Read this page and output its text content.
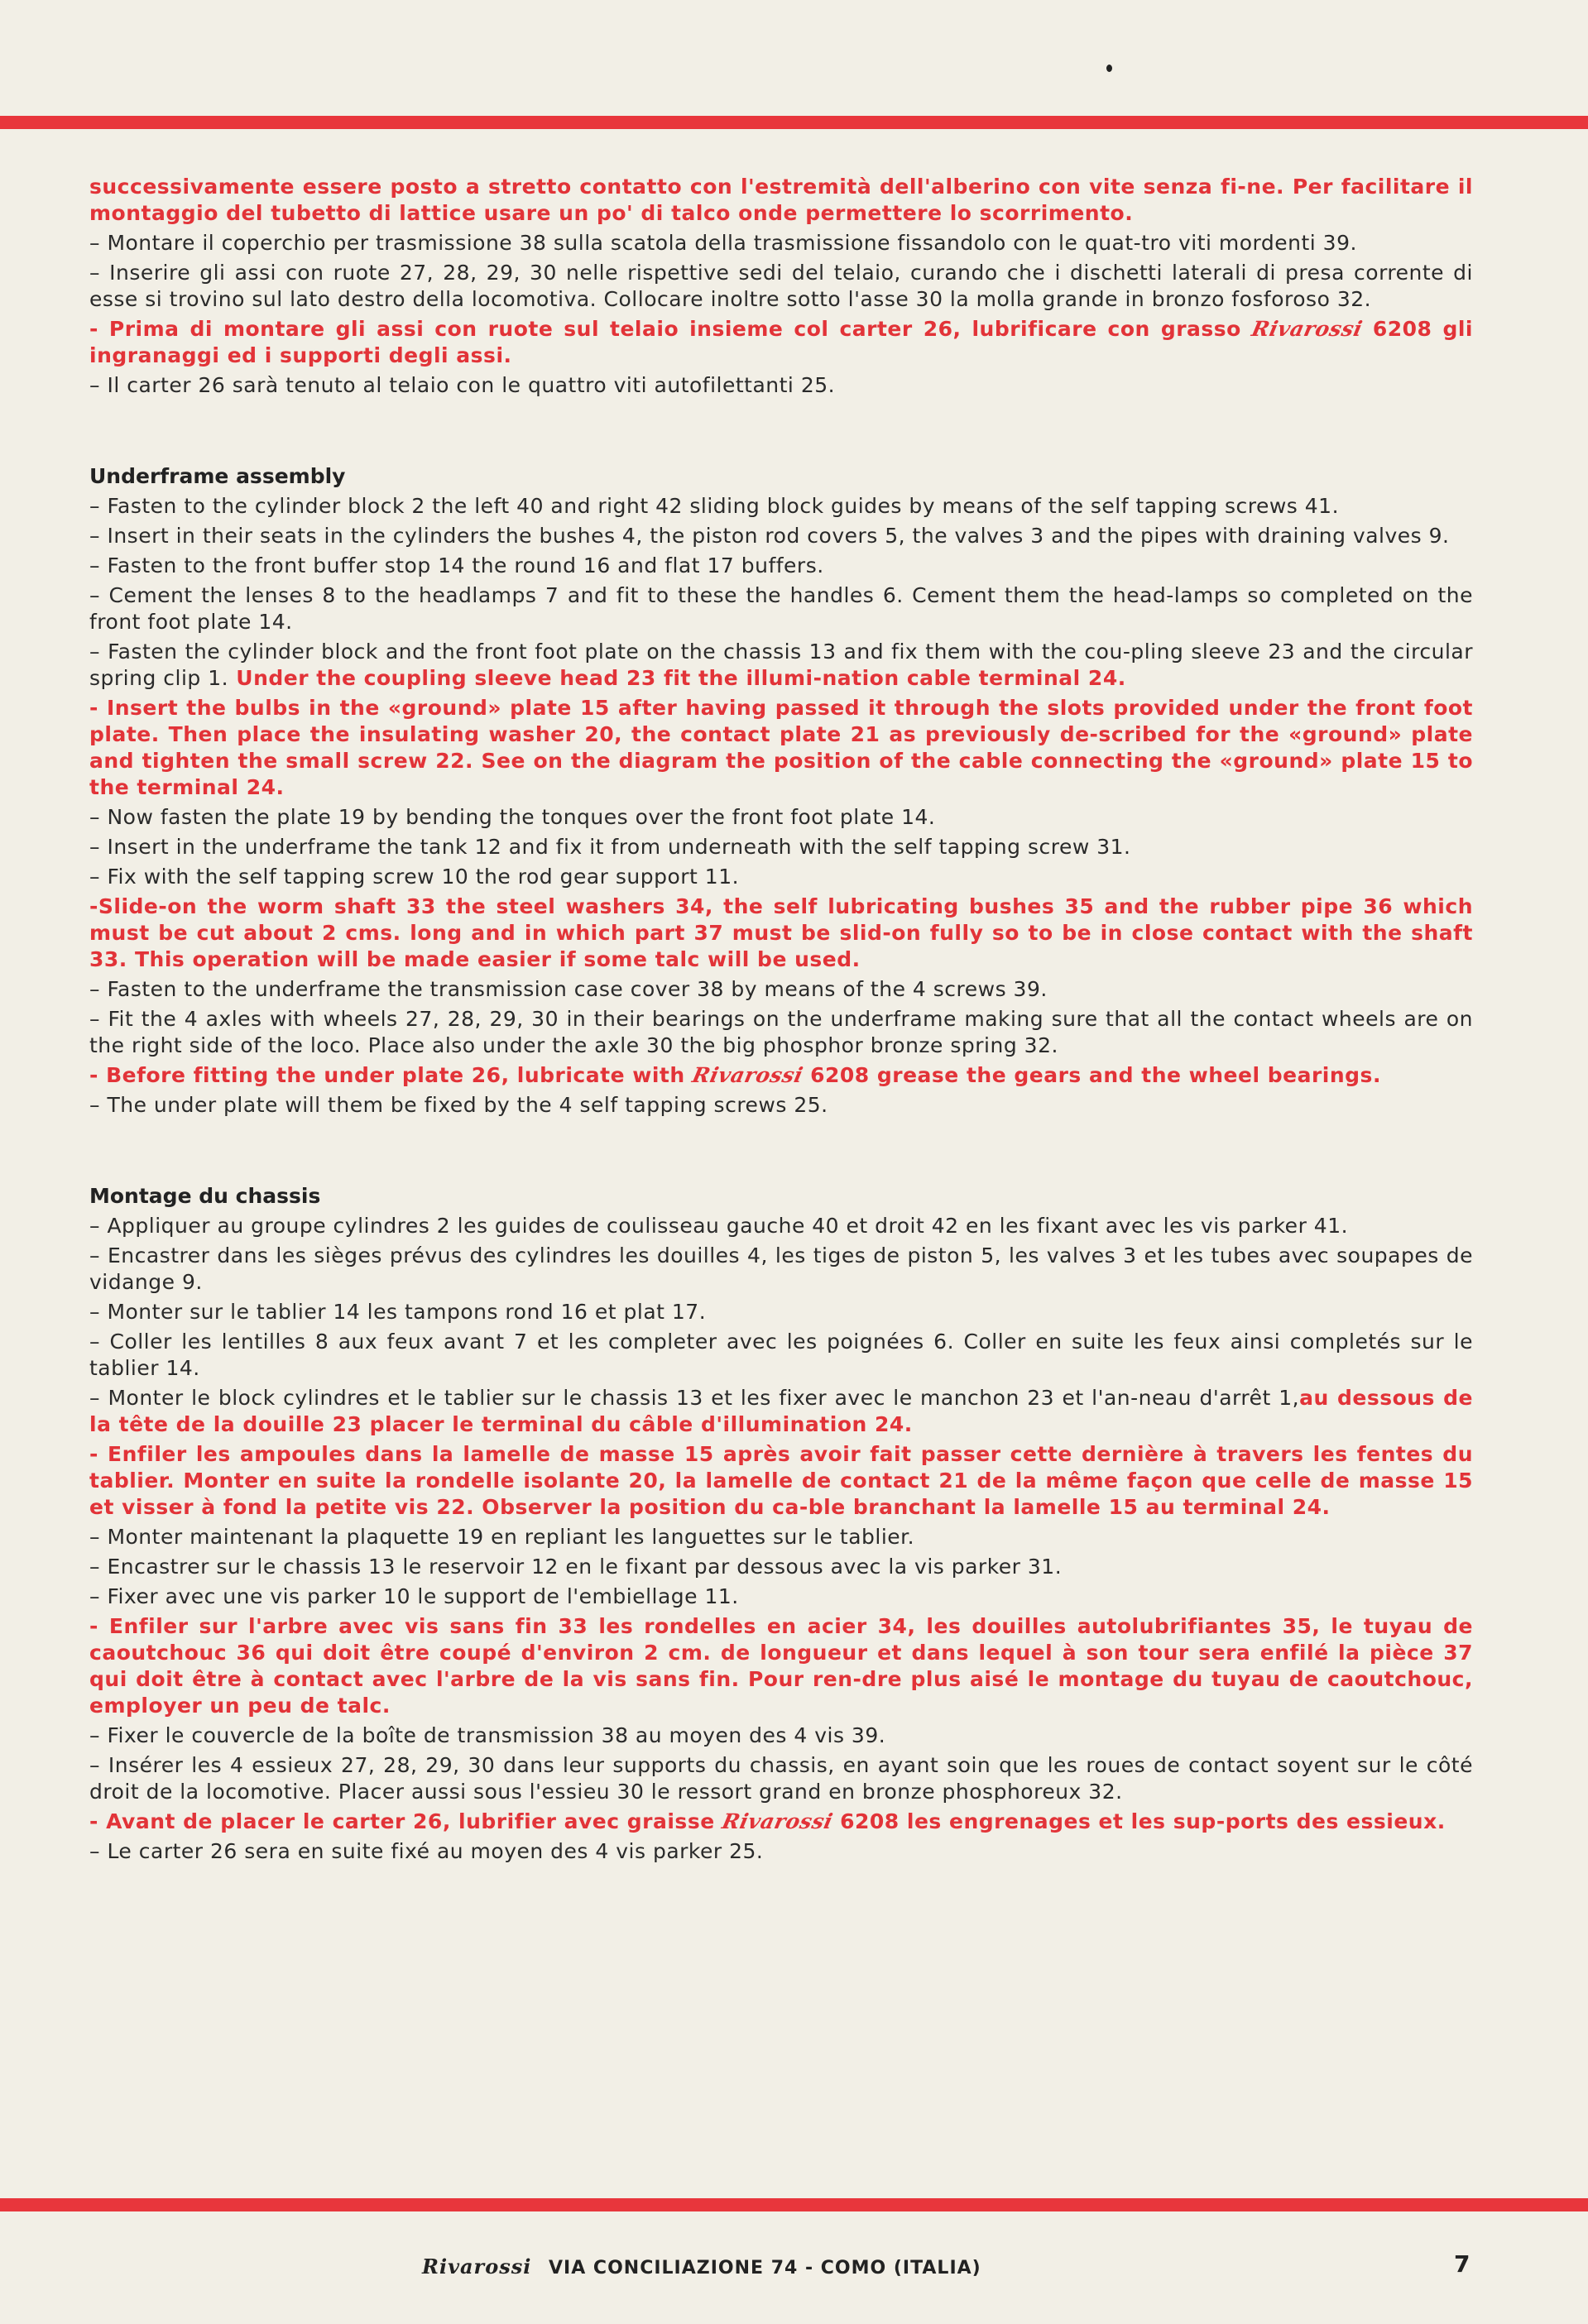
successivamente essere posto a stretto contatto con l'estremità dell'alberino con vite senza fi-ne. Per facilitare il montaggio del tubetto di lattice usare un po' di talco onde permettere lo scorrimento.

– Montare il coperchio per trasmissione 38 sulla scatola della trasmissione fissandolo con le quat-tro viti mordenti 39.

– Inserire gli assi con ruote 27, 28, 29, 30 nelle rispettive sedi del telaio, curando che i dischetti laterali di presa corrente di esse si trovino sul lato destro della locomotiva. Collocare inoltre sotto l'asse 30 la molla grande in bronzo fosforoso 32.

- Prima di montare gli assi con ruote sul telaio insieme col carter 26, lubrificare con grasso Rivarossi 6208 gli ingranaggi ed i supporti degli assi.

– Il carter 26 sarà tenuto al telaio con le quattro viti autofilettanti 25.

Underframe assembly

– Fasten to the cylinder block 2 the left 40 and right 42 sliding block guides by means of the self tapping screws 41.

– Insert in their seats in the cylinders the bushes 4, the piston rod covers 5, the valves 3 and the pipes with draining valves 9.

– Fasten to the front buffer stop 14 the round 16 and flat 17 buffers.

– Cement the lenses 8 to the headlamps 7 and fit to these the handles 6. Cement them the head-lamps so completed on the front foot plate 14.

– Fasten the cylinder block and the front foot plate on the chassis 13 and fix them with the cou-pling sleeve 23 and the circular spring clip 1. Under the coupling sleeve head 23 fit the illumi-nation cable terminal 24.

- Insert the bulbs in the «ground» plate 15 after having passed it through the slots provided under the front foot plate. Then place the insulating washer 20, the contact plate 21 as previously de-scribed for the «ground» plate and tighten the small screw 22. See on the diagram the position of the cable connecting the «ground» plate 15 to the terminal 24.

– Now fasten the plate 19 by bending the tonques over the front foot plate 14.

– Insert in the underframe the tank 12 and fix it from underneath with the self tapping screw 31.

– Fix with the self tapping screw 10 the rod gear support 11.

-Slide-on the worm shaft 33 the steel washers 34, the self lubricating bushes 35 and the rubber pipe 36 which must be cut about 2 cms. long and in which part 37 must be slid-on fully so to be in close contact with the shaft 33. This operation will be made easier if some talc will be used.

– Fasten to the underframe the transmission case cover 38 by means of the 4 screws 39.

– Fit the 4 axles with wheels 27, 28, 29, 30 in their bearings on the underframe making sure that all the contact wheels are on the right side of the loco. Place also under the axle 30 the big phosphor bronze spring 32.

- Before fitting the under plate 26, lubricate with Rivarossi 6208 grease the gears and the wheel bearings.

– The under plate will them be fixed by the 4 self tapping screws 25.

Montage du chassis

– Appliquer au groupe cylindres 2 les guides de coulisseau gauche 40 et droit 42 en les fixant avec les vis parker 41.

– Encastrer dans les sièges prévus des cylindres les douilles 4, les tiges de piston 5, les valves 3 et les tubes avec soupapes de vidange 9.

– Monter sur le tablier 14 les tampons rond 16 et plat 17.

– Coller les lentilles 8 aux feux avant 7 et les completer avec les poignées 6. Coller en suite les feux ainsi completés sur le tablier 14.

– Monter le block cylindres et le tablier sur le chassis 13 et les fixer avec le manchon 23 et l'an-neau d'arrêt 1,au dessous de la tête de la douille 23 placer le terminal du câble d'illumination 24.

- Enfiler les ampoules dans la lamelle de masse 15 après avoir fait passer cette dernière à travers les fentes du tablier. Monter en suite la rondelle isolante 20, la lamelle de contact 21 de la même façon que celle de masse 15 et visser à fond la petite vis 22. Observer la position du ca-ble branchant la lamelle 15 au terminal 24.

– Monter maintenant la plaquette 19 en repliant les languettes sur le tablier.

– Encastrer sur le chassis 13 le reservoir 12 en le fixant par dessous avec la vis parker 31.

– Fixer avec une vis parker 10 le support de l'embiellage 11.

- Enfiler sur l'arbre avec vis sans fin 33 les rondelles en acier 34, les douilles autolubrifiantes 35, le tuyau de caoutchouc 36 qui doit être coupé d'environ 2 cm. de longueur et dans lequel à son tour sera enfilé la pièce 37 qui doit être à contact avec l'arbre de la vis sans fin. Pour ren-dre plus aisé le montage du tuyau de caoutchouc, employer un peu de talc.

– Fixer le couvercle de la boîte de transmission 38 au moyen des 4 vis 39.

– Insérer les 4 essieux 27, 28, 29, 30 dans leur supports du chassis, en ayant soin que les roues de contact soyent sur le côté droit de la locomotive. Placer aussi sous l'essieu 30 le ressort grand en bronze phosphoreux 32.

- Avant de placer le carter 26, lubrifier avec graisse Rivarossi 6208 les engrenages et les sup-ports des essieux.

– Le carter 26 sera en suite fixé au moyen des 4 vis parker 25.

Rivarossi VIA CONCILIAZIONE 74 - COMO (ITALIA)	7
